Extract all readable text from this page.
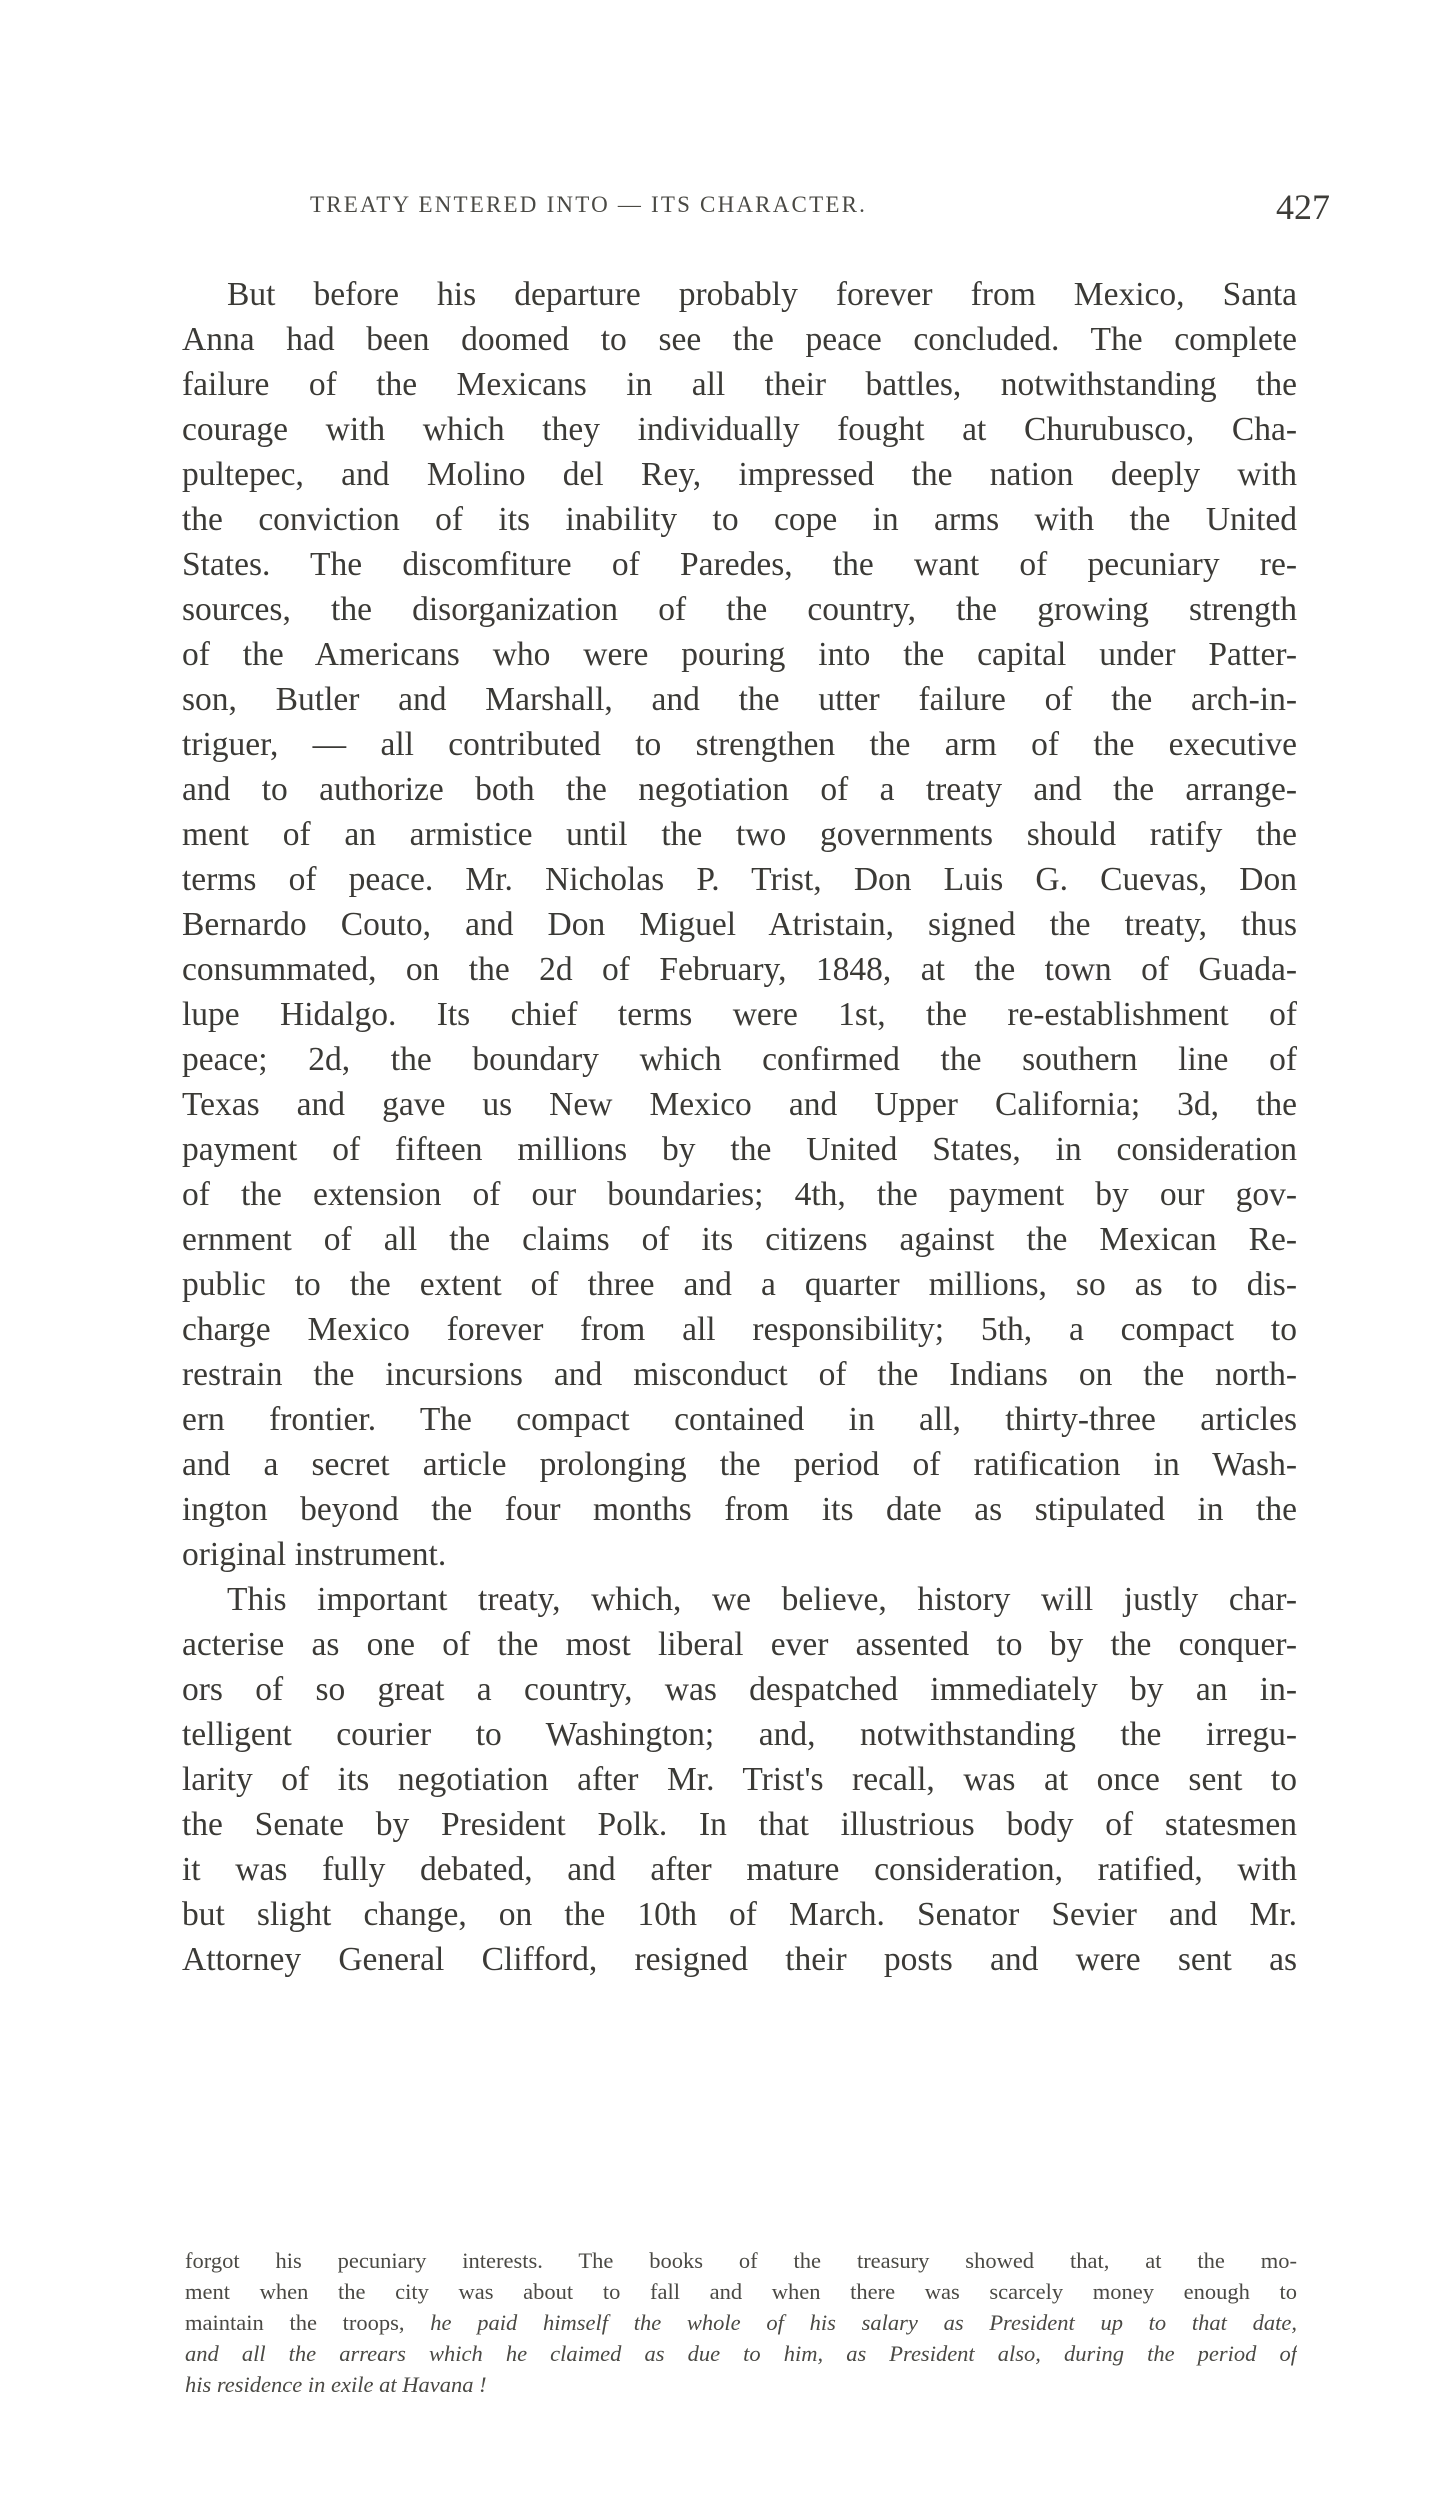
TREATY ENTERED INTO — ITS CHARACTER.	427
But before his departure probably forever from Mexico, Santa
Anna had been doomed to see the peace concluded. The complete
failure of the Mexicans in all their battles, notwithstanding the
courage with which they individually fought at Churubusco, Cha-
pultepec, and Molino del Rey, impressed the nation deeply with
the conviction of its inability to cope in arms with the United
States. The discomfiture of Paredes, the want of pecuniary re-
sources, the disorganization of the country, the growing strength
of the Americans who were pouring into the capital under Patter-
son, Butler and Marshall, and the utter failure of the arch-in-
triguer, — all contributed to strengthen the arm of the executive
and to authorize both the negotiation of a treaty and the arrange-
ment of an armistice until the two governments should ratify the
terms of peace. Mr. Nicholas P. Trist, Don Luis G. Cuevas, Don
Bernardo Couto, and Don Miguel Atristain, signed the treaty, thus
consummated, on the 2d of February, 1848, at the town of Guada-
lupe Hidalgo. Its chief terms were 1st, the re-establishment of
peace; 2d, the boundary which confirmed the southern line of
Texas and gave us New Mexico and Upper California; 3d, the
payment of fifteen millions by the United States, in consideration
of the extension of our boundaries; 4th, the payment by our gov-
ernment of all the claims of its citizens against the Mexican Re-
public to the extent of three and a quarter millions, so as to dis-
charge Mexico forever from all responsibility; 5th, a compact to
restrain the incursions and misconduct of the Indians on the north-
ern frontier. The compact contained in all, thirty-three articles
and a secret article prolonging the period of ratification in Wash-
ington beyond the four months from its date as stipulated in the
original instrument.
This important treaty, which, we believe, history will justly char-
acterise as one of the most liberal ever assented to by the conquer-
ors of so great a country, was despatched immediately by an in-
telligent courier to Washington; and, notwithstanding the irregu-
larity of its negotiation after Mr. Trist's recall, was at once sent to
the Senate by President Polk. In that illustrious body of statesmen
it was fully debated, and after mature consideration, ratified, with
but slight change, on the 10th of March. Senator Sevier and Mr.
Attorney General Clifford, resigned their posts and were sent as
forgot his pecuniary interests. The books of the treasury showed that, at the mo-
ment when the city was about to fall and when there was scarcely money enough to
maintain the troops, he paid himself the whole of his salary as President up to that date,
and all the arrears which he claimed as due to him, as President also, during the period of
his residence in exile at Havana !
